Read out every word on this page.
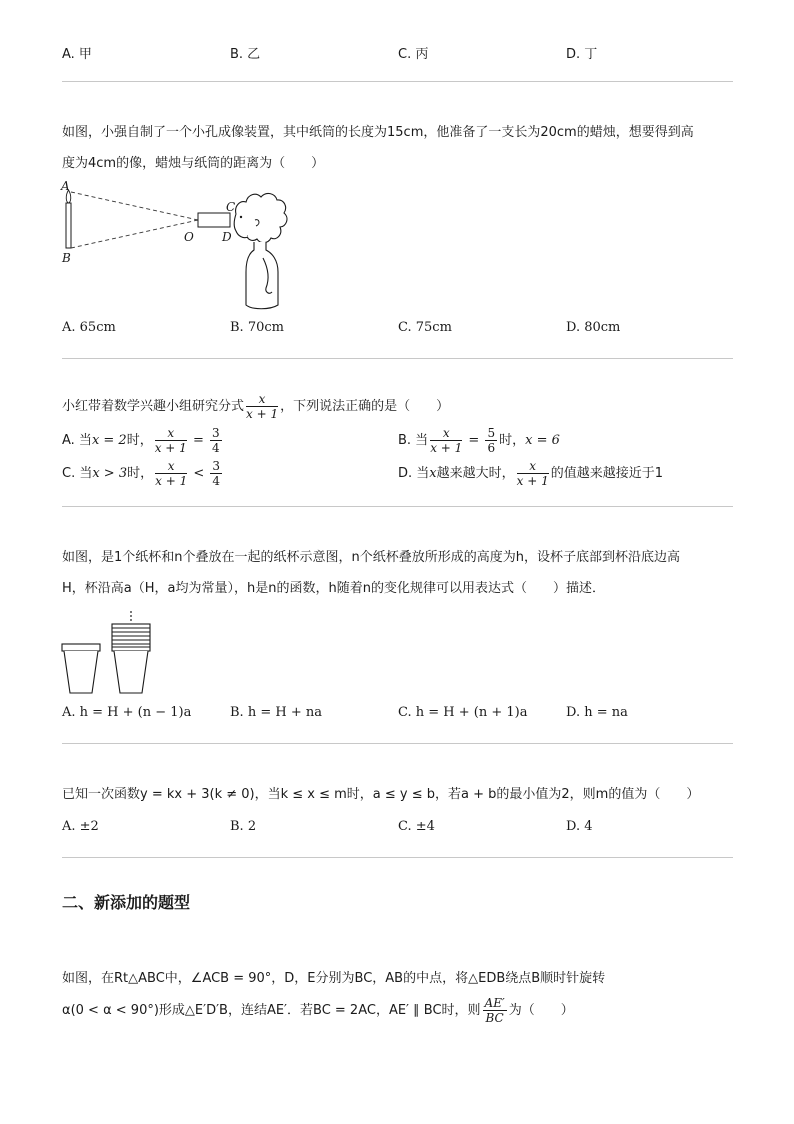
A. 甲	B. 乙	C. 丙	D. 丁
如图，小强自制了一个小孔成像装置，其中纸筒的长度为15cm，他准备了一支长为20cm的蜡烛，想要得到高
度为4cm的像，蜡烛与纸筒的距离为（　　）
A
B
C
D
O
A. 65cm	B. 70cm	C. 75cm	D. 80cm
小红带着数学兴趣小组研究分式 $\frac{x}{x + 1}$ ，下列说法正确的是（　　）
A. 当x = 2时， $\frac{x}{x + 1} = \frac{3}{4}$	B. 当 $\frac{x}{x + 1} = \frac{5}{6}$ 时，x = 6
C. 当x > 3时， $\frac{x}{x + 1} < \frac{3}{4}$	D. 当x越来越大时， $\frac{x}{x + 1}$ 的值越来越接近于1
如图，是1个纸杯和n个叠放在一起的纸杯示意图，n个纸杯叠放所形成的高度为h，设杯子底部到杯沿底边高
H，杯沿高a（H，a均为常量），h是n的函数，h随着n的变化规律可以用表达式（　　）描述．
A. h = H + (n − 1)a	B. h = H + na	C. h = H + (n + 1)a	D. h = na
已知一次函数y = kx + 3(k ≠ 0)，当k ≤ x ≤ m时，a ≤ y ≤ b，若a + b的最小值为2，则m的值为（　　）
A. ±2	B. 2	C. ±4	D. 4
二、新添加的题型
如图，在Rt△ABC中，∠ACB = 90°，D，E分别为BC，AB的中点，将△EDB绕点B顺时针旋转
α(0 < α < 90°)形成△E′D′B，连结AE′．若BC = 2AC，AE′ ∥ BC时，则 $\frac{AE'}{BC}$ 为（　　）
